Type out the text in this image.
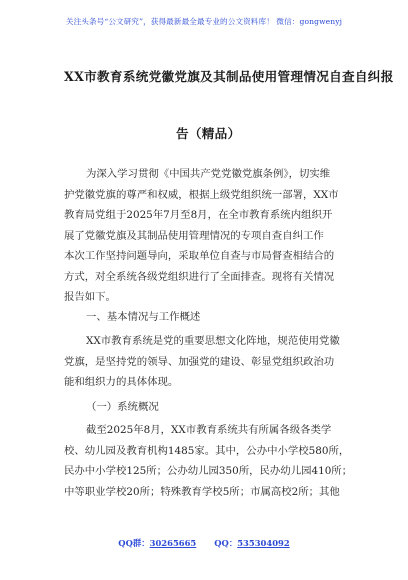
关注头条号“公文研究”，获得最新最全最专业的公文资料库！ 微信：gongwenyj
XX市教育系统党徽党旗及其制品使用管理情况自查自纠报
告（精品）
为深入学习贯彻《中国共产党党徽党旗条例》，切实维
护党徽党旗的尊严和权威，根据上级党组织统一部署，XX市
教育局党组于2025年7月至8月，在全市教育系统内组织开
展了党徽党旗及其制品使用管理情况的专项自查自纠工作
本次工作坚持问题导向，采取单位自查与市局督查相结合的
方式，对全系统各级党组织进行了全面排查。现将有关情况
报告如下。
一、基本情况与工作概述
XX市教育系统是党的重要思想文化阵地，规范使用党徽
党旗，是坚持党的领导、加强党的建设、彰显党组织政治功
能和组织力的具体体现。
（一）系统概况
截至2025年8月，XX市教育系统共有所属各级各类学
校、幼儿园及教育机构1485家。其中，公办中小学校580所，
民办中小学校125所；公办幼儿园350所，民办幼儿园410所；
中等职业学校20所；特殊教育学校5所；市属高校2所；其他
QQ群：30265665 QQ：535304092
